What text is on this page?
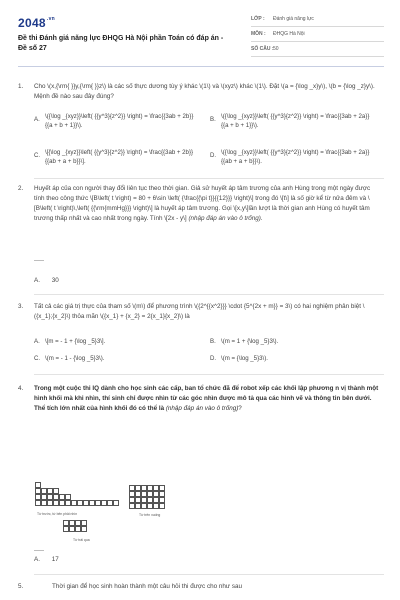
$2048^{.vn}$
Đề thi Đánh giá năng lực ĐHQG Hà Nội phần Toán có đáp án - Đề số 27
LỚP : Đánh giá năng lực
MÔN : ĐHQG Hà Nội
SỐ CÂU : 50
1. Cho \(x,{\rm{ }}y,{\rm{ }}z\) là các số thực dương tùy ý khác \(1\) và \(xyz\) khác \(1\). Đặt \(a = {\log _x}y\), \(b = {\log _z}y\). Mệnh đề nào sau đây đúng?
A. \({\log _{xyz}}\left( {{y^3}{z^2}} \right) = \frac{{3ab + 2b}}{{a + b + 1}}\).
B. \({\log _{xyz}}\left( {{y^3}{z^2}} \right) = \frac{{3ab + 2a}}{{a + b + 1}}\).
C. \[{\log _{xyz}}\left( {{y^3}{z^2}} \right) = \frac{{3ab + 2b}}{{ab + a + b}}\].
D. \({\log _{xyz}}\left( {{y^3}{z^2}} \right) = \frac{{3ab + 2a}}{{ab + a + b}}\).
2. Huyết áp của con người thay đổi liên tục theo thời gian. Giả sử huyết áp tâm trương của anh Hùng trong một ngày được tính theo công thức \[B\left( t \right) = 80 + 6\sin \left( {\frac{{\pi t}}{{12}}} \right)\] trong đó \[t\] là số giờ kể từ nửa đêm và \[B\left( t \right)\,\left( {{\rm{mmHg}}} \right)\] là huyết áp tâm trương. Gọi \[x,y\]lần lượt là thời gian anh Hùng có huyết tâm trương thấp nhất và cao nhất trong ngày. Tính \[2x - y\] (nhập đáp án vào ô trống).
-----
A. 30
3. Tất cả các giá trị thực của tham số \(m\) để phương trình \({2^{{x^2}}} \cdot {5^{2x + m}} = 3\) có hai nghiệm phân biệt \({x_1};{x_2}\) thỏa mãn \({x_1} + {x_2} = 2{x_1}{x_2}\) là
A. \[m = - 1 + {\log _5}3\].	B. \(m = 1 + {\log _5}3\).
C. \(m = - 1 - {\log _5}3\).	D. \(m = {\log _5}3\).
4. Trong một cuộc thi IQ dành cho học sinh các cấp, ban tổ chức đã để robot xếp các khối lập phương n vị thành một hình khối mà khi nhìn, thí sinh chỉ được nhìn từ các góc nhìn được mô tả qua các hình vẽ và thông tin bên dưới. Thể tích lớn nhất của hình khối đó có thể là (nhập đáp án vào ô trống)?
Từ trước, từ bên phải nhìn	Từ trên xuống
Từ trái qua
-----
A. 17
5.	Thời gian để học sinh hoàn thành một câu hỏi thi được cho như sau
